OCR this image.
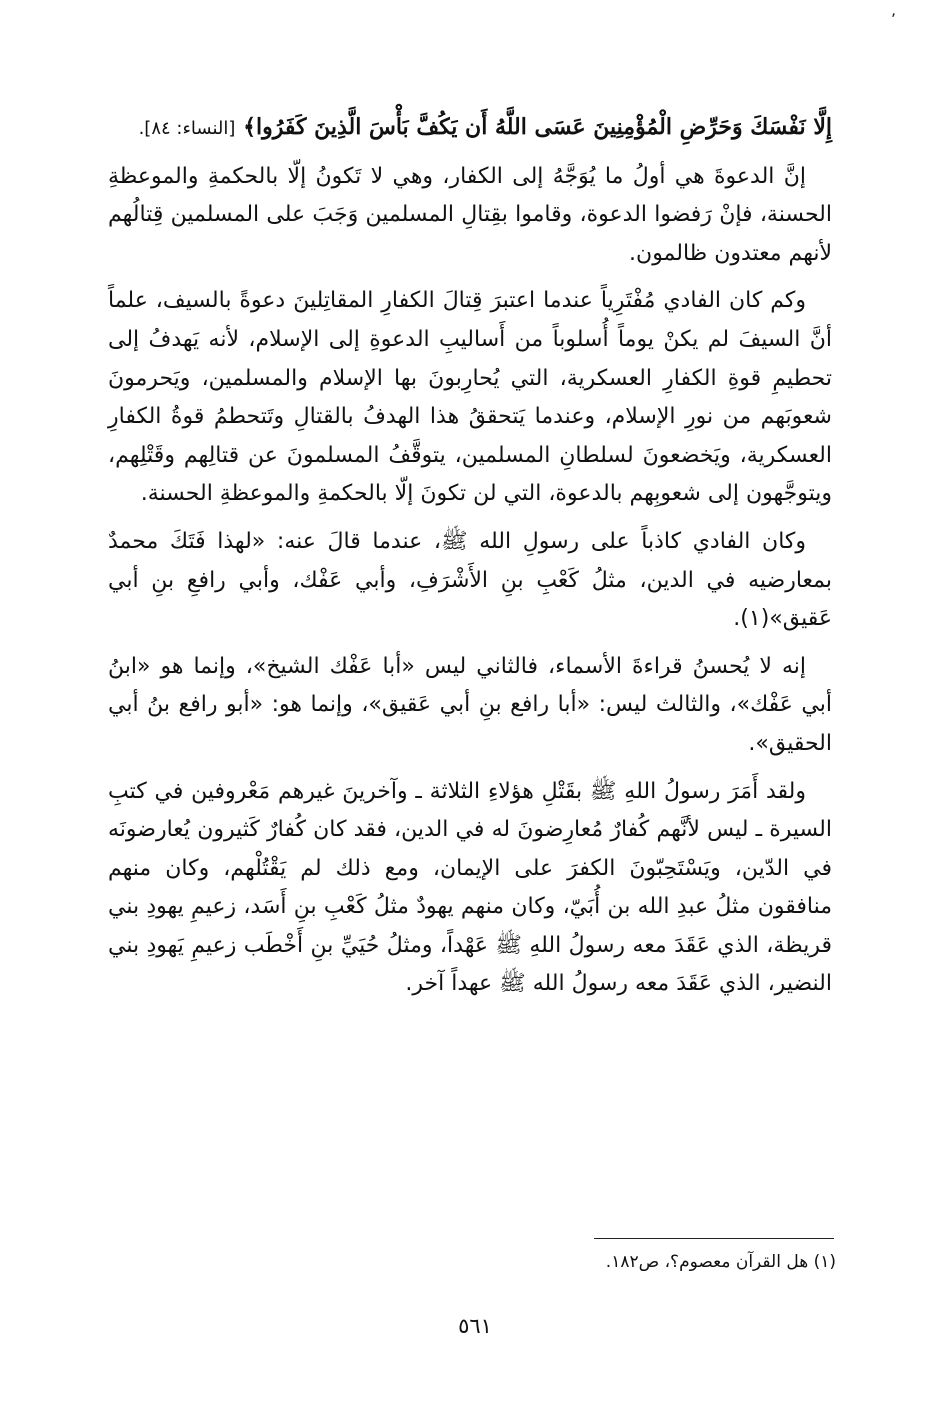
٬

إِلَّا نَفْسَكَ وَحَرِّضِ الْمُؤْمِنِينَ عَسَى اللَّهُ أَن يَكُفَّ بَأْسَ الَّذِينَ كَفَرُوا﴾ [النساء: ٨٤].

إنَّ الدعوةَ هي أولُ ما يُوَجَّهُ إلى الكفار، وهي لا تَكونُ إلّا بالحكمةِ والموعظةِ الحسنة، فإنْ رَفضوا الدعوة، وقاموا بقِتالِ المسلمين وَجَبَ على المسلمين قِتالُهم لأنهم معتدون ظالمون.

وكم كان الفادي مُفْتَرِياً عندما اعتبرَ قِتالَ الكفارِ المقاتِلينَ دعوةً بالسيف، علماً أنَّ السيفَ لم يكنْ يوماً أُسلوباً من أَساليبِ الدعوةِ إلى الإسلام، لأنه يَهدفُ إلى تحطيمِ قوةِ الكفارِ العسكرية، التي يُحارِبونَ بها الإسلام والمسلمين، ويَحرمونَ شعوبَهم من نورِ الإسلام، وعندما يَتحققُ هذا الهدفُ بالقتالِ وتَتحطمُ قوةُ الكفارِ العسكرية، ويَخضعونَ لسلطانِ المسلمين، يتوقَّفُ المسلمونَ عن قتالِهم وقَتْلِهم، ويتوجَّهون إلى شعوبِهم بالدعوة، التي لن تكونَ إلّا بالحكمةِ والموعظةِ الحسنة.

وكان الفادي كاذباً على رسولِ الله ﷺ، عندما قالَ عنه: «لهذا فَتَكَ محمدٌ بمعارضيه في الدين، مثلُ كَعْبِ بنِ الأَشْرَفِ، وأبي عَفْك، وأبي رافعِ بنِ أبي عَقيق»(١).

إنه لا يُحسنُ قراءةَ الأسماء، فالثاني ليس «أبا عَفْك الشيخ»، وإنما هو «ابنُ أبي عَفْك»، والثالث ليس: «أبا رافع بنِ أبي عَقيق»، وإنما هو: «أبو رافع بنُ أبي الحقيق».

ولقد أَمَرَ رسولُ اللهِ ﷺ بقَتْلِ هؤلاءِ الثلاثة ـ وآخرينَ غيرهم مَعْروفين في كتبِ السيرة ـ ليس لأنَّهم كُفارٌ مُعارِضونَ له في الدين، فقد كان كُفارٌ كَثيرون يُعارضونَه في الدّين، ويَسْتَحِبّونَ الكفرَ على الإيمان، ومع ذلك لم يَقْتُلْهم، وكان منهم منافقون مثلُ عبدِ الله بن أُبَيّ، وكان منهم يهودٌ مثلُ كَعْبِ بنِ أَسَد، زعيمِ يهودِ بني قريظة، الذي عَقَدَ معه رسولُ اللهِ ﷺ عَهْداً، ومثلُ حُيَيِّ بنِ أَخْطَب زعيمِ يَهودِ بني النضير، الذي عَقَدَ معه رسولُ الله ﷺ عهداً آخر.

(١) هل القرآن معصوم؟، ص١٨٢.
٥٦١
